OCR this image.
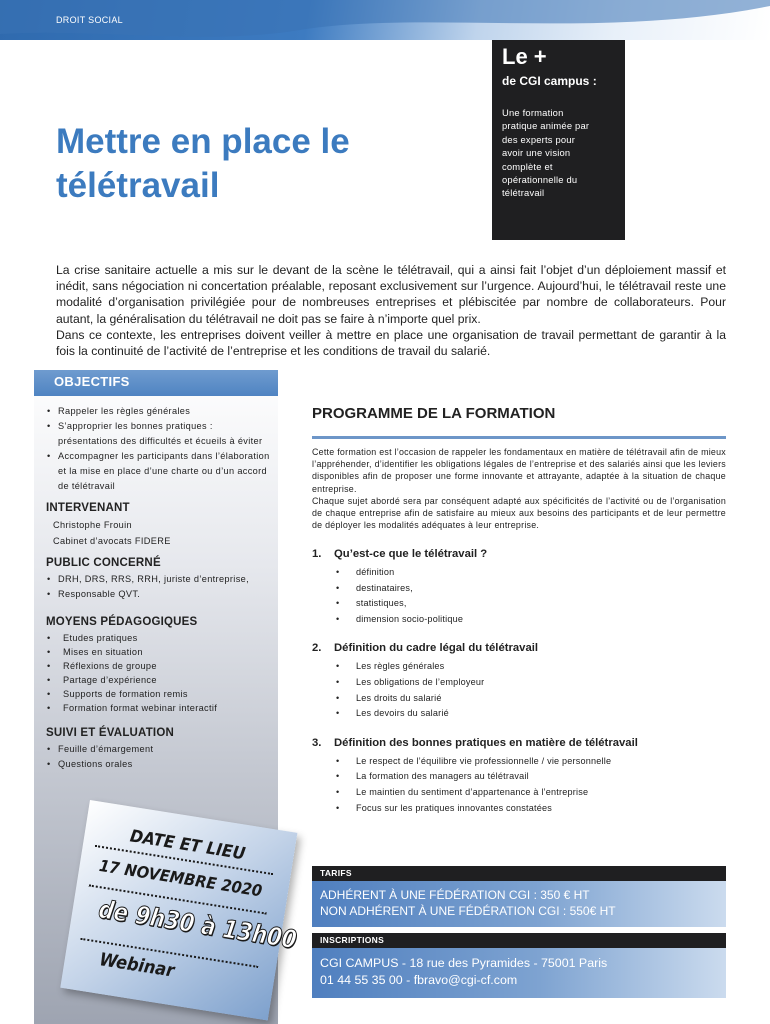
DROIT SOCIAL
Le +
de CGI campus :
Une formation
pratique animée par
des experts pour
avoir une vision
complète et
opérationnelle du
télétravail
Mettre en place le
télétravail

La crise sanitaire actuelle a mis sur le devant de la scène le télétravail, qui a ainsi fait l’objet d’un déploiement massif et inédit, sans négociation ni concertation préalable, reposant exclusivement sur l’urgence. Aujourd’hui, le télétravail reste une modalité d’organisation privilégiée pour de nombreuses entreprises et plébiscitée par nombre de collaborateurs. Pour autant, la généralisation du télétravail ne doit pas se faire à n’importe quel prix.

Dans ce contexte, les entreprises doivent veiller à mettre en place une organisation de travail permettant de garantir à la fois la continuité de l’activité de l’entreprise et les conditions de travail du salarié.

OBJECTIFS
• Rappeler les règles générales
• S’approprier les bonnes pratiques : présentations des difficultés et écueils à éviter
• Accompagner les participants dans l’élaboration et la mise en place d’une charte ou d’un accord de télétravail
INTERVENANT
Christophe Frouin
Cabinet d’avocats FIDERE
PUBLIC CONCERNÉ
• DRH, DRS, RRS, RRH, juriste d’entreprise,
• Responsable QVT.
MOYENS PÉDAGOGIQUES
• Etudes pratiques
• Mises en situation
• Réflexions de groupe
• Partage d’expérience
• Supports de formation remis
• Formation format webinar interactif
SUIVI ET ÉVALUATION
• Feuille d’émargement
• Questions orales
DATE ET LIEU
17 NOVEMBRE 2020
de 9h30 à 13h00
Webinar
PROGRAMME DE LA FORMATION

Cette formation est l’occasion de rappeler les fondamentaux en matière de télétravail afin de mieux l’appréhender, d’identifier les obligations légales de l’entreprise et des salariés ainsi que les leviers disponibles afin de proposer une forme innovante et attrayante, adaptée à la situation de chaque entreprise.

Chaque sujet abordé sera par conséquent adapté aux spécificités de l’activité ou de l’organisation de chaque entreprise afin de satisfaire au mieux aux besoins des participants et de leur permettre de déployer les modalités adéquates à leur entreprise.

1.	Qu’est-ce que le télétravail ?
• définition
• destinataires,
• statistiques,
• dimension socio-politique
2.	Définition du cadre légal du télétravail
• Les règles générales
• Les obligations de l’employeur
• Les droits du salarié
• Les devoirs du salarié
3.	Définition des bonnes pratiques en matière de télétravail
• Le respect de l’équilibre vie professionnelle / vie personnelle
• La formation des managers au télétravail
• Le maintien du sentiment d’appartenance à l’entreprise
• Focus sur les pratiques innovantes constatées
TARIFS
ADHÉRENT À UNE FÉDÉRATION CGI : 350 € HT
NON ADHÉRENT À UNE FÉDÉRATION CGI : 550€ HT
INSCRIPTIONS
CGI CAMPUS - 18 rue des Pyramides - 75001 Paris
01 44 55 35 00 - fbravo@cgi-cf.com
